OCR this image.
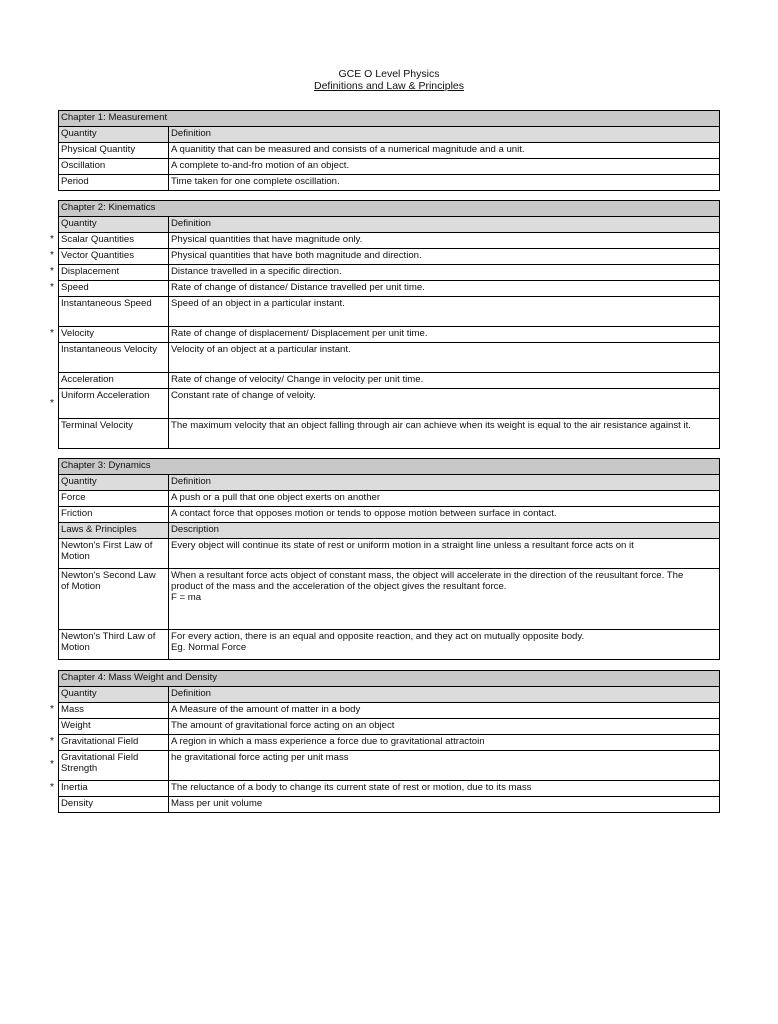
GCE O Level Physics
Definitions and Law & Principles
Chapter 1: Measurement	
Quantity	Definition
Physical Quantity	A quanitity that can be measured and consists of a numerical magnitude and a unit.
Oscillation	A complete to-and-fro motion of an object.
Period	Time taken for one complete oscillation.
Chapter 2: Kinematics	
Quantity	Definition

* Scalar Quantities	Physical quantities that have magnitude only.

* Vector Quantities	Physical quantities that have both magnitude and direction.

* Displacement	Distance travelled in a specific direction.

* Speed	Rate of change of distance/ Distance travelled per unit time.
Instantaneous Speed	Speed of an object in a particular instant.

* Velocity	Rate of change of displacement/ Displacement per unit time.
Instantaneous Velocity	Velocity of an object at a particular instant.
Acceleration	Rate of change of velocity/ Change in velocity per unit time.

*
Uniform Acceleration	Constant rate of change of veloity.
Terminal Velocity	The maximum velocity that an object falling through air can achieve when its weight is equal to the air resistance against it.
Chapter 3: Dynamics	
Quantity	Definition
Force	A push or a pull that one object exerts on another
Friction	A contact force that opposes motion or tends to oppose motion between surface in contact.
Laws & Principles	Description
Newton's First Law of Motion	Every object will continue its state of rest or uniform motion in a straight line unless a resultant force acts on it
Newton's Second Law of Motion	When a resultant force acts object of constant mass, the object will accelerate in the direction of the reusultant force. The product of the mass and the acceleration of the object gives the resultant force.
F = ma

Newton's Third Law of Motion	For every action, there is an equal and opposite reaction, and they act on mutually opposite body.
Eg. Normal Force
Chapter 4: Mass Weight and Density	
Quantity	Definition

* Mass	A Measure of the amount of matter in a body
Weight	The amount of gravitational force acting on an object

* Gravitational Field	A region in which a mass experience a force due to gravitational attractoin

*
Gravitational Field Strength	he gravitational force acting per unit mass

* Inertia	The reluctance of a body to change its current state of rest or motion, due to its mass
Density	Mass per unit volume
